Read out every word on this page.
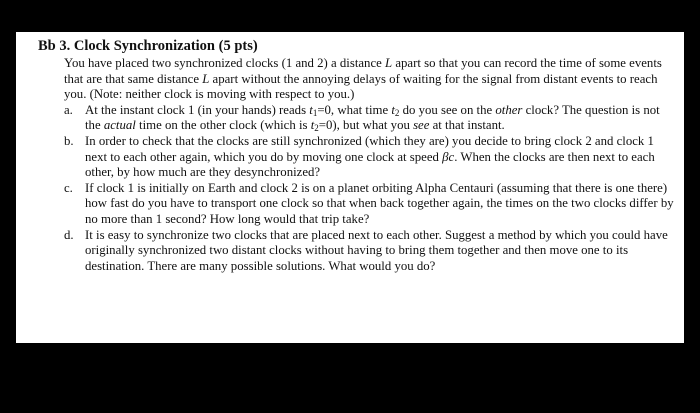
Bb 3. Clock Synchronization (5 pts)
You have placed two synchronized clocks (1 and 2) a distance L apart so that you can record the time of some events that are that same distance L apart without the annoying delays of waiting for the signal from distant events to reach you. (Note: neither clock is moving with respect to you.)
a. At the instant clock 1 (in your hands) reads $t_1=0$, what time $t_2$ do you see on the other clock? The question is not the actual time on the other clock (which is $t_2=0$), but what you see at that instant.
b. In order to check that the clocks are still synchronized (which they are) you decide to bring clock 2 and clock 1 next to each other again, which you do by moving one clock at speed βc. When the clocks are then next to each other, by how much are they desynchronized?
c. If clock 1 is initially on Earth and clock 2 is on a planet orbiting Alpha Centauri (assuming that there is one there) how fast do you have to transport one clock so that when back together again, the times on the two clocks differ by no more than 1 second? How long would that trip take?
d. It is easy to synchronize two clocks that are placed next to each other. Suggest a method by which you could have originally synchronized two distant clocks without having to bring them together and then move one to its destination. There are many possible solutions. What would you do?
